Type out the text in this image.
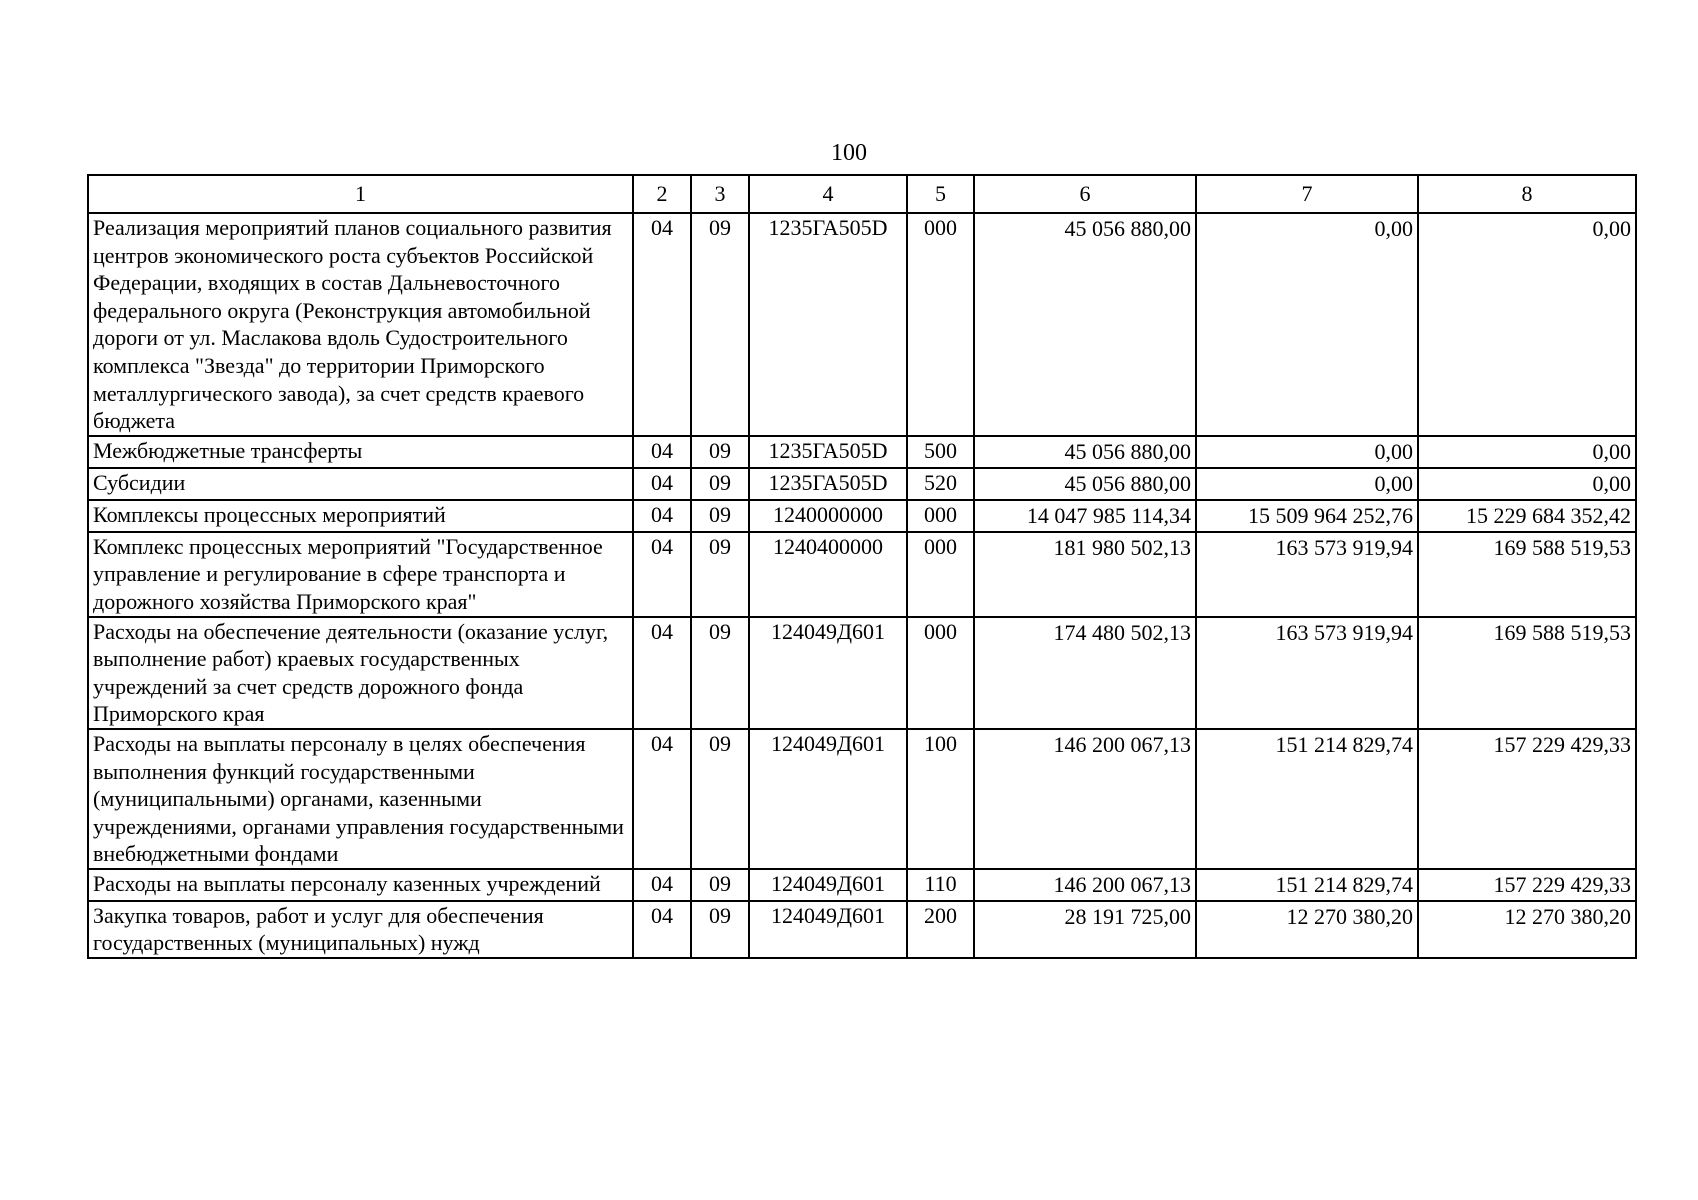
100
1	2	3	4	5	6	7	8
Реализация мероприятий планов социального развития центров экономического роста субъектов Российской Федерации, входящих в состав Дальневосточного федерального округа (Реконструкция автомобильной дороги от ул. Маслакова вдоль Судостроительного комплекса "Звезда" до территории Приморского металлургического завода), за счет средств краевого бюджета	04	09	1235ГА505D	000	45 056 880,00	0,00	0,00
Межбюджетные трансферты	04	09	1235ГА505D	500	45 056 880,00	0,00	0,00
Субсидии	04	09	1235ГА505D	520	45 056 880,00	0,00	0,00
Комплексы процессных мероприятий	04	09	1240000000	000	14 047 985 114,34	15 509 964 252,76	15 229 684 352,42
Комплекс процессных мероприятий "Государственное управление и регулирование в сфере транспорта и дорожного хозяйства Приморского края"	04	09	1240400000	000	181 980 502,13	163 573 919,94	169 588 519,53
Расходы на обеспечение деятельности (оказание услуг, выполнение работ) краевых государственных учреждений за счет средств дорожного фонда Приморского края	04	09	124049Д601	000	174 480 502,13	163 573 919,94	169 588 519,53
Расходы на выплаты персоналу в целях обеспечения выполнения функций государственными (муниципальными) органами, казенными учреждениями, органами управления государственными внебюджетными фондами	04	09	124049Д601	100	146 200 067,13	151 214 829,74	157 229 429,33
Расходы на выплаты персоналу казенных учреждений	04	09	124049Д601	110	146 200 067,13	151 214 829,74	157 229 429,33
Закупка товаров, работ и услуг для обеспечения государственных (муниципальных) нужд	04	09	124049Д601	200	28 191 725,00	12 270 380,20	12 270 380,20
